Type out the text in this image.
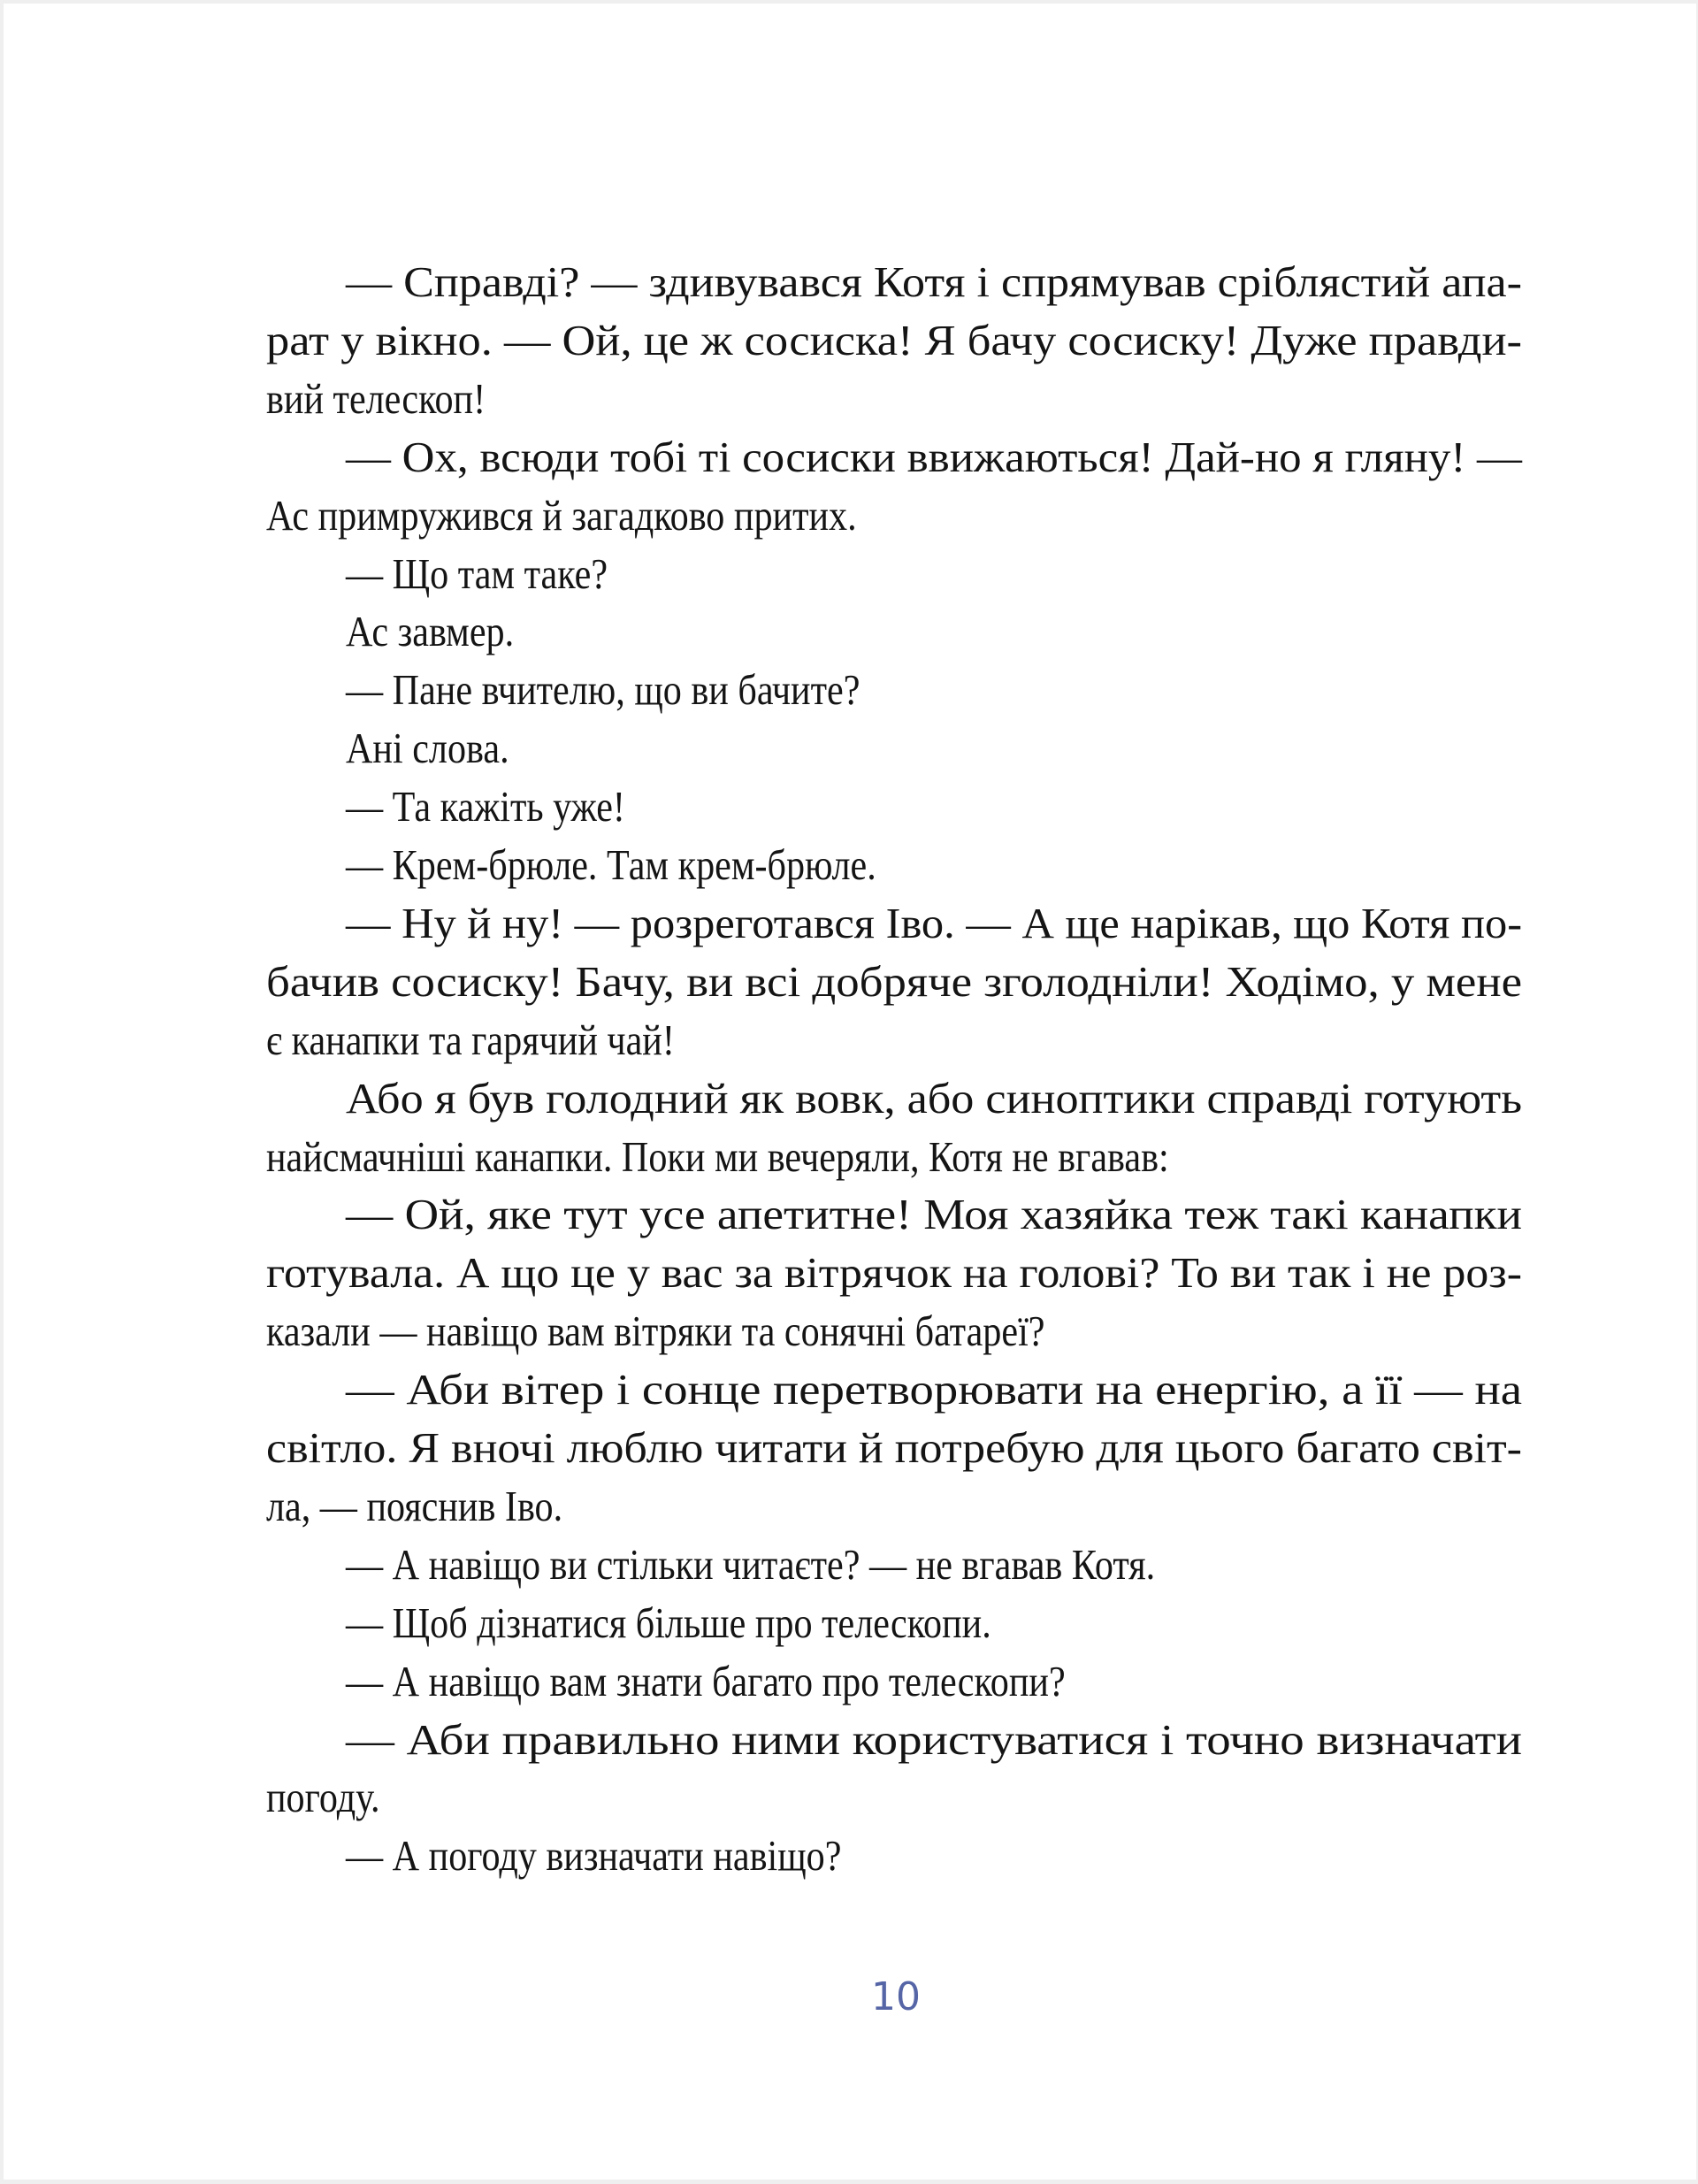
— Справді? — здивувався Котя і спрямував сріблястий апа-
рат у вікно. — Ой, це ж сосиска! Я бачу сосиску! Дуже правди-
вий телескоп!
— Ох, всюди тобі ті сосиски ввижаються! Дай-но я гляну! —
Ас примружився й загадково притих.
— Що там таке?
Ас завмер.
— Пане вчителю, що ви бачите?
Ані слова.
— Та кажіть уже!
— Крем-брюле. Там крем-брюле.
— Ну й ну! — розреготався Іво. — А ще нарікав, що Котя по-
бачив сосиску! Бачу, ви всі добряче зголодніли! Ходімо, у мене
є канапки та гарячий чай!
Або я був голодний як вовк, або синоптики справді готують
найсмачніші канапки. Поки ми вечеряли, Котя не вгавав:
— Ой, яке тут усе апетитне! Моя хазяйка теж такі канапки
готувала. А що це у вас за вітрячок на голові? То ви так і не роз-
казали — навіщо вам вітряки та сонячні батареї?
— Аби вітер і сонце перетворювати на енергію, а її — на
світло. Я вночі люблю читати й потребую для цього багато світ-
ла, — пояснив Іво.
— А навіщо ви стільки читаєте? — не вгавав Котя.
— Щоб дізнатися більше про телескопи.
— А навіщо вам знати багато про телескопи?
— Аби правильно ними користуватися і точно визначати
погоду.
— А погоду визначати навіщо?
10
